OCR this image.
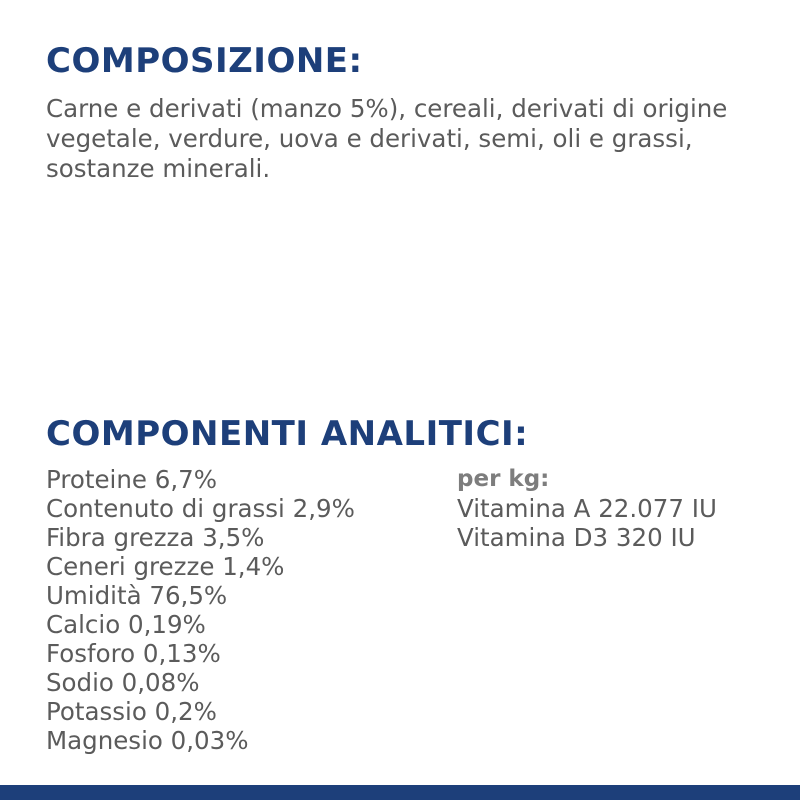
COMPOSIZIONE:

Carne e derivati (manzo 5%), cereali, derivati di origine vegetale, verdure, uova e derivati, semi, oli e grassi, sostanze minerali.

COMPONENTI ANALITICI:
Proteine 6,7%
Contenuto di grassi 2,9%
Fibra grezza 3,5%
Ceneri grezze 1,4%
Umidità 76,5%
Calcio 0,19%
Fosforo 0,13%
Sodio 0,08%
Potassio 0,2%
Magnesio 0,03%
per kg:
Vitamina A 22.077 IU
Vitamina D3 320 IU
